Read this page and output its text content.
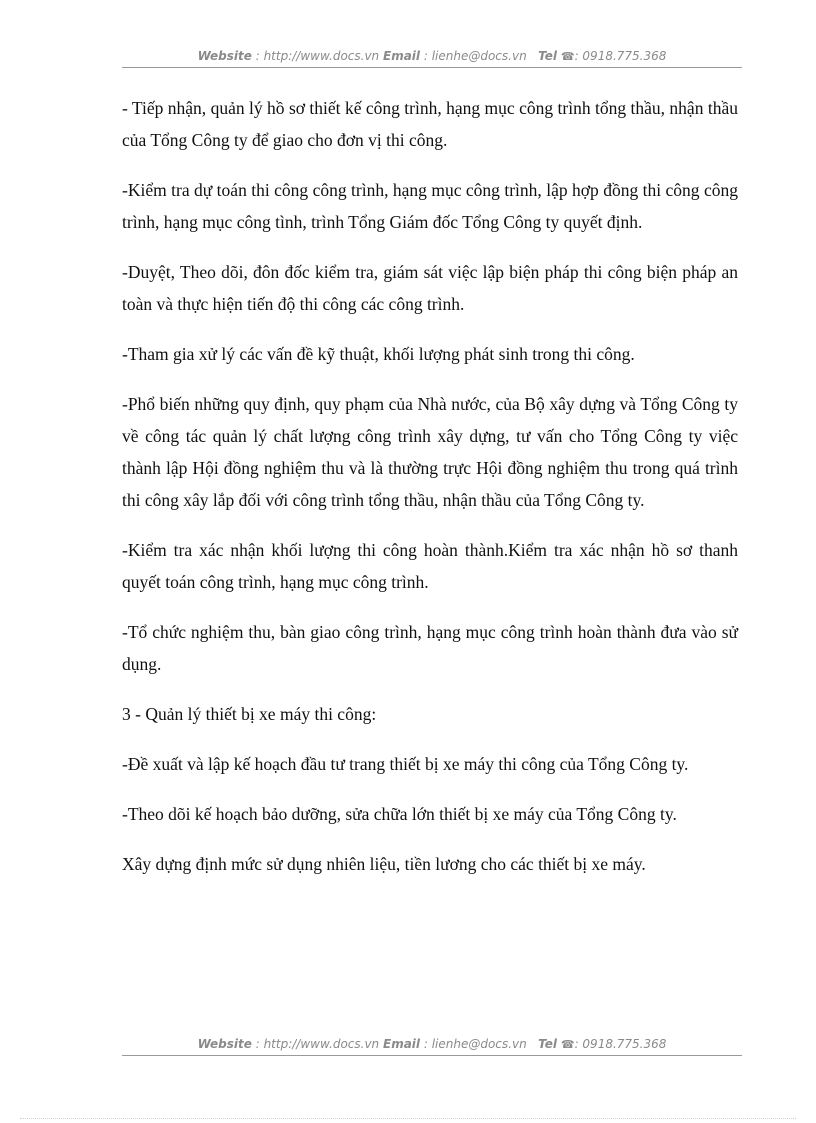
Website : http://www.docs.vn Email : lienhe@docs.vn Tel ☎: 0918.775.368

- Tiếp nhận, quản lý hồ sơ thiết kế công trình, hạng mục công trình tổng thầu, nhận thầu của Tổng Công ty để giao cho đơn vị thi công.

-Kiểm tra dự toán thi công công trình, hạng mục công trình, lập hợp đồng thi công công trình, hạng mục công tình, trình Tổng Giám đốc Tổng Công ty quyết định.

-Duyệt, Theo dõi, đôn đốc kiểm tra, giám sát việc lập biện pháp thi công biện pháp an toàn và thực hiện tiến độ thi công các công trình.

-Tham gia xử lý các vấn đề kỹ thuật, khối lượng phát sinh trong thi công.

-Phổ biến những quy định, quy phạm của Nhà nước, của Bộ xây dựng và Tổng Công ty về công tác quản lý chất lượng công trình xây dựng, tư vấn cho Tổng Công ty việc thành lập Hội đồng nghiệm thu và là thường trực Hội đồng nghiệm thu trong quá trình thi công xây lắp đối với công trình tổng thầu, nhận thầu của Tổng Công ty.

-Kiểm tra xác nhận khối lượng thi công hoàn thành.Kiểm tra xác nhận hồ sơ thanh quyết toán công trình, hạng mục công trình.

-Tổ chức nghiệm thu, bàn giao công trình, hạng mục công trình hoàn thành đưa vào sử dụng.

3 - Quản lý thiết bị xe máy thi công:

-Đề xuất và lập kế hoạch đầu tư trang thiết bị xe máy thi công của Tổng Công ty.

-Theo dõi kế hoạch bảo dưỡng, sửa chữa lớn thiết bị xe máy của Tổng Công ty.

Xây dựng định mức sử dụng nhiên liệu, tiền lương cho các thiết bị xe máy.

Website : http://www.docs.vn Email : lienhe@docs.vn Tel ☎: 0918.775.368
